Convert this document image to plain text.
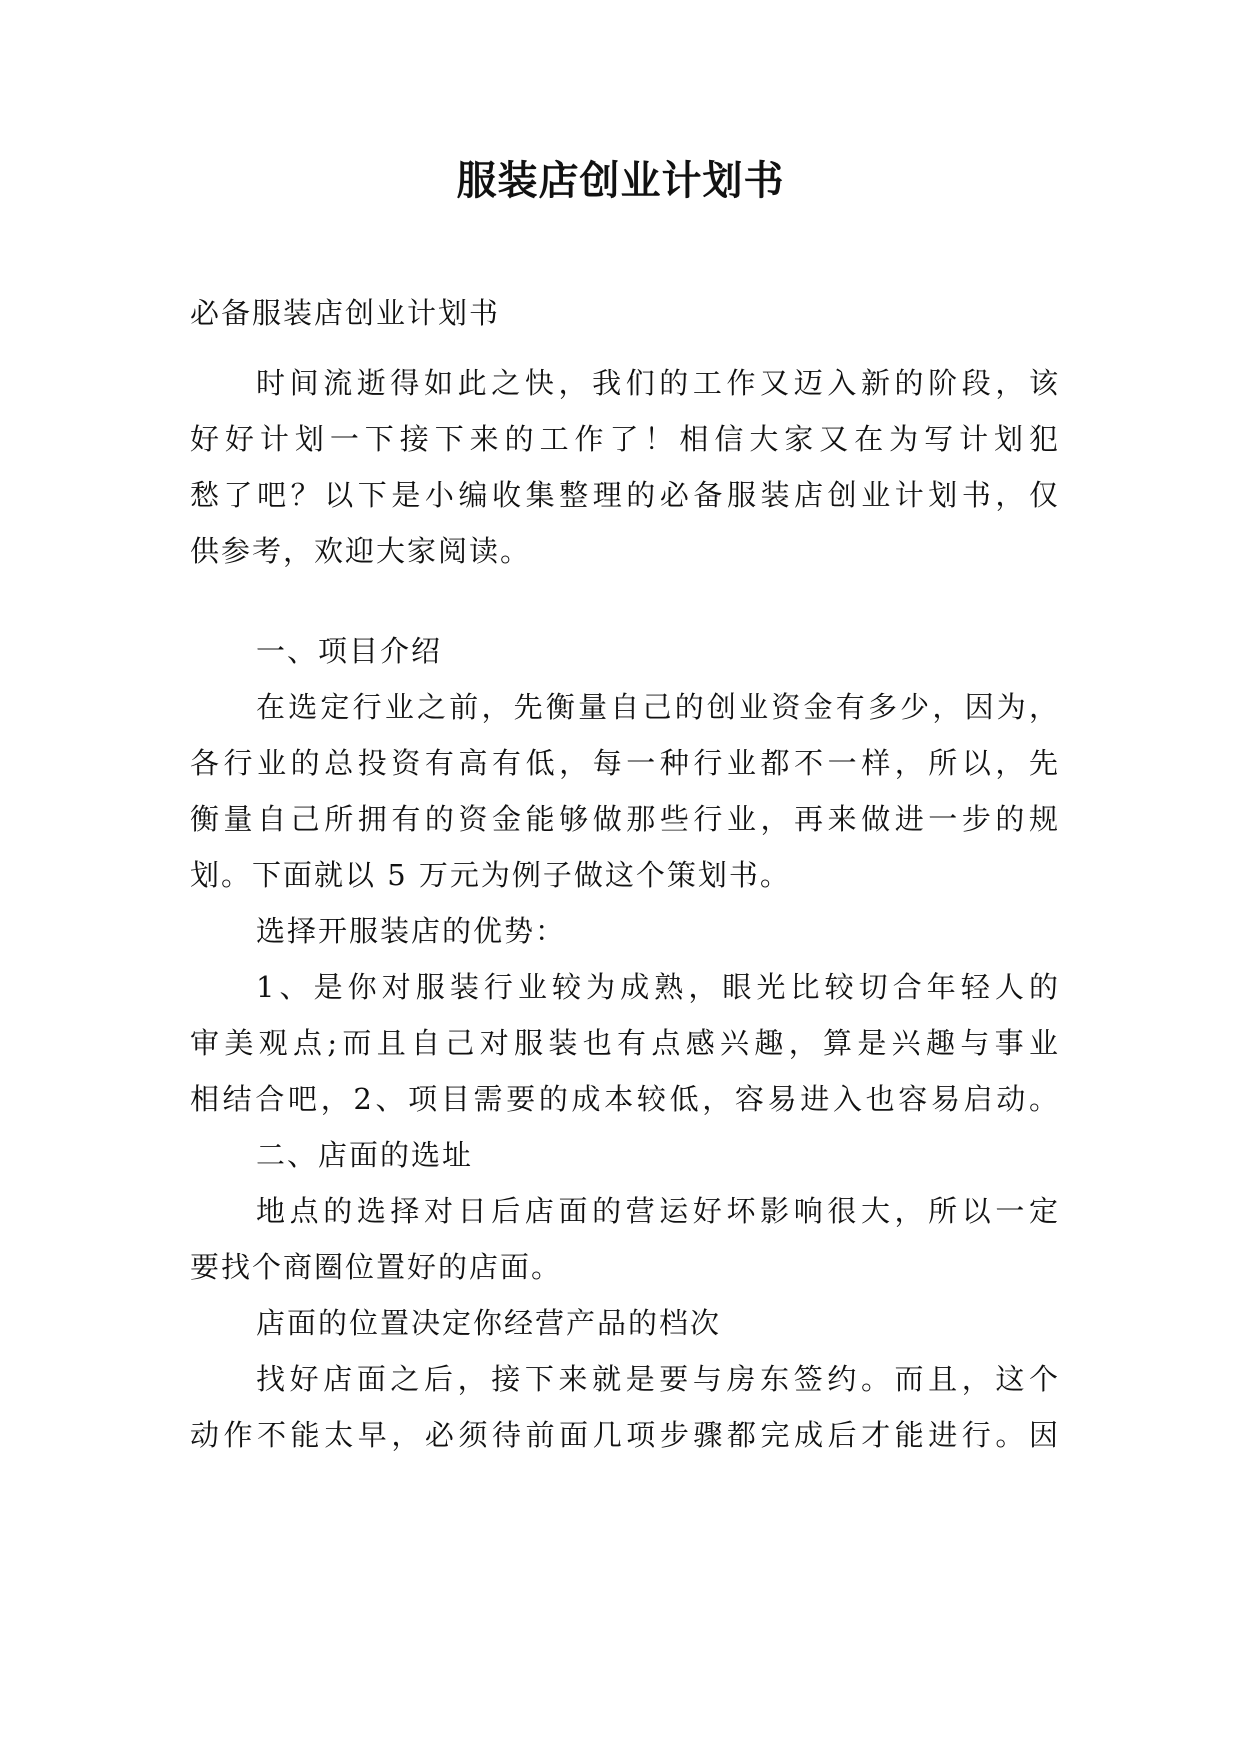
服装店创业计划书
必备服装店创业计划书
时间流逝得如此之快，我们的工作又迈入新的阶段，该
好好计划一下接下来的工作了！相信大家又在为写计划犯
愁了吧？以下是小编收集整理的必备服装店创业计划书，仅
供参考，欢迎大家阅读。
一、项目介绍
在选定行业之前，先衡量自己的创业资金有多少，因为，
各行业的总投资有高有低，每一种行业都不一样，所以，先
衡量自己所拥有的资金能够做那些行业，再来做进一步的规
划。下面就以 5 万元为例子做这个策划书。
选择开服装店的优势：
1、是你对服装行业较为成熟，眼光比较切合年轻人的
审美观点;而且自己对服装也有点感兴趣，算是兴趣与事业
相结合吧，2、项目需要的成本较低，容易进入也容易启动。
二、店面的选址
地点的选择对日后店面的营运好坏影响很大，所以一定
要找个商圈位置好的店面。
店面的位置决定你经营产品的档次
找好店面之后，接下来就是要与房东签约。而且，这个
动作不能太早，必须待前面几项步骤都完成后才能进行。因
